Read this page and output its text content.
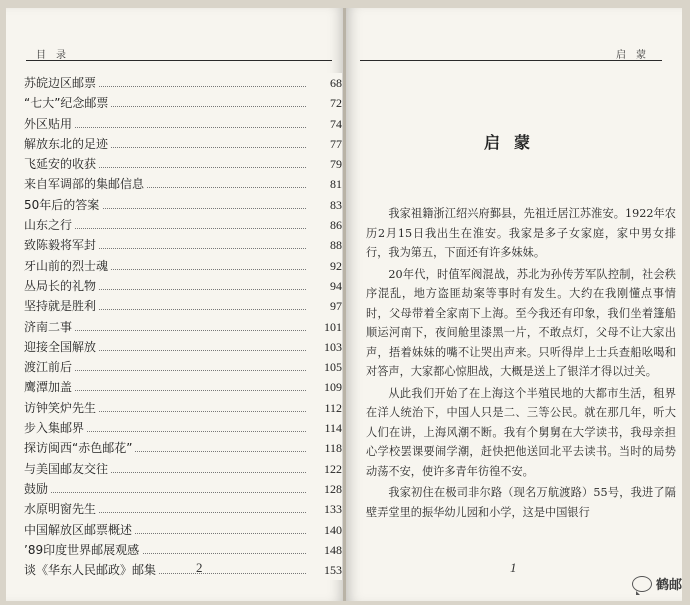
目录
苏皖边区邮票	68
“七大”纪念邮票	72
外区贴用	74
解放东北的足迹	77
飞延安的收获	79
来自军调部的集邮信息	81
50年后的答案	83
山东之行	86
致陈毅将军封	88
牙山前的烈士魂	92
丛局长的礼物	94
坚持就是胜利	97
济南二事	101
迎接全国解放	103
渡江前后	105
鹰潭加盖	109
访钟笑炉先生	112
步入集邮界	114
探访闽西“赤色邮花”	118
与美国邮友交往	122
鼓励	128
水原明窗先生	133
中国解放区邮票概述	140
’89印度世界邮展观感	148
谈《华东人民邮政》邮集	153
2
启蒙
启蒙

我家祖籍浙江绍兴府鄞县，先祖迁居江苏淮安。1922年农历2月15日我出生在淮安。我家是多子女家庭，家中男女排行，我为第五，下面还有许多妹妹。

20年代，时值军阀混战，苏北为孙传芳军队控制，社会秩序混乱，地方盗匪劫案等事时有发生。大约在我刚懂点事情时，父母带着全家南下上海。至今我还有印象，我们坐着篷船顺运河南下，夜间舱里漆黑一片，不敢点灯，父母不让大家出声，捂着妹妹的嘴不让哭出声来。只听得岸上士兵查船吆喝和对答声，大家都心惊胆战，大概是送上了银洋才得以过关。

从此我们开始了在上海这个半殖民地的大都市生活，租界在洋人统治下，中国人只是二、三等公民。就在那几年，听大人们在讲，上海风潮不断。我有个舅舅在大学读书，我母亲担心学校罢课要闹学潮，赶快把他送回北平去读书。当时的局势动荡不安，使许多青年彷徨不安。

我家初住在极司非尔路（现名万航渡路）55号，我进了隔壁弄堂里的振华幼儿园和小学，这是中国银行

1
鹤邮
